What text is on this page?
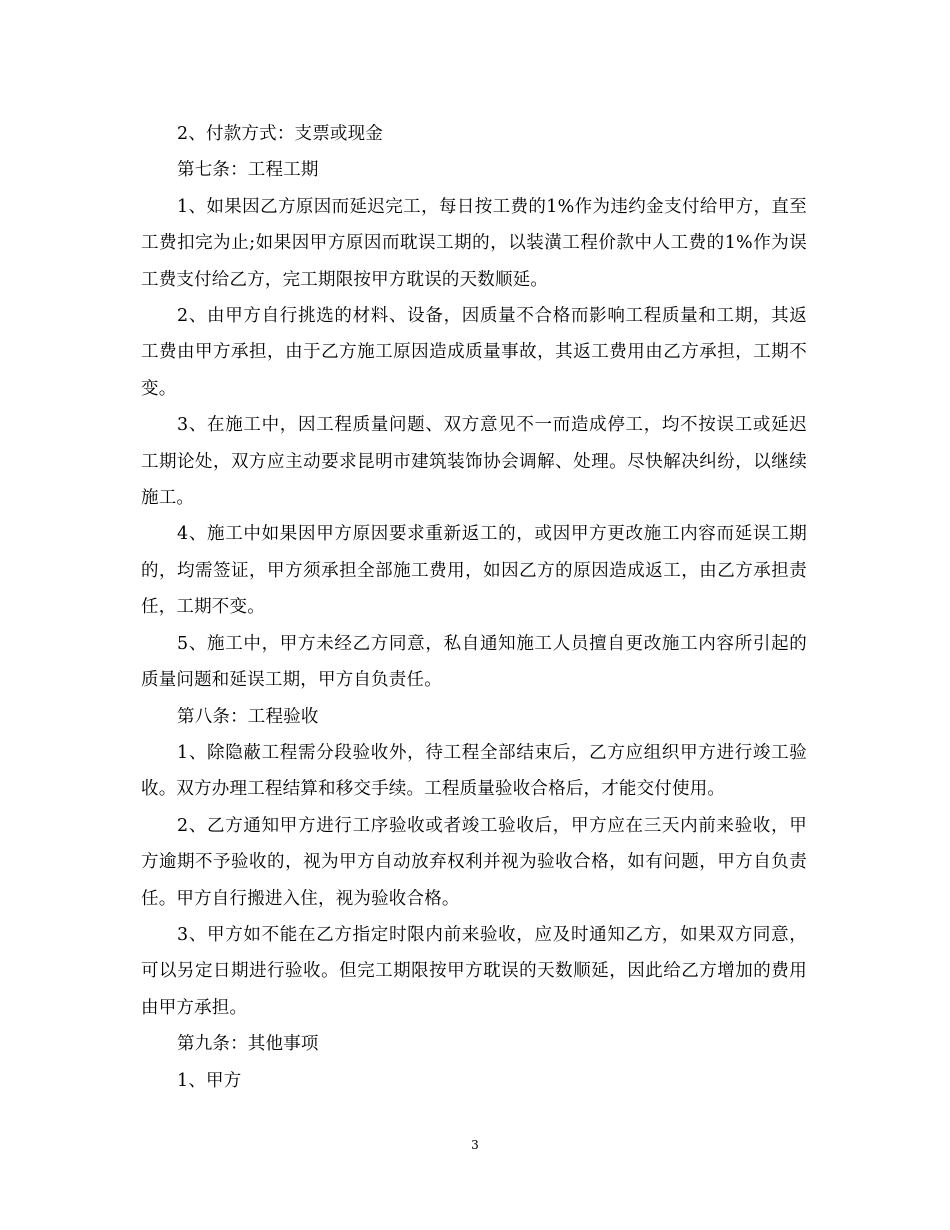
2、付款方式：支票或现金

第七条：工程工期

1、如果因乙方原因而延迟完工，每日按工费的1%作为违约金支付给甲方，直至工费扣完为止;如果因甲方原因而耽误工期的，以装潢工程价款中人工费的1%作为误工费支付给乙方，完工期限按甲方耽误的天数顺延。

2、由甲方自行挑选的材料、设备，因质量不合格而影响工程质量和工期，其返工费由甲方承担，由于乙方施工原因造成质量事故，其返工费用由乙方承担，工期不变。

3、在施工中，因工程质量问题、双方意见不一而造成停工，均不按误工或延迟工期论处，双方应主动要求昆明市建筑装饰协会调解、处理。尽快解决纠纷，以继续施工。

4、施工中如果因甲方原因要求重新返工的，或因甲方更改施工内容而延误工期的，均需签证，甲方须承担全部施工费用，如因乙方的原因造成返工，由乙方承担责任，工期不变。

5、施工中，甲方未经乙方同意，私自通知施工人员擅自更改施工内容所引起的质量问题和延误工期，甲方自负责任。

第八条：工程验收

1、除隐蔽工程需分段验收外，待工程全部结束后，乙方应组织甲方进行竣工验收。双方办理工程结算和移交手续。工程质量验收合格后，才能交付使用。

2、乙方通知甲方进行工序验收或者竣工验收后，甲方应在三天内前来验收，甲方逾期不予验收的，视为甲方自动放弃权利并视为验收合格，如有问题，甲方自负责任。甲方自行搬进入住，视为验收合格。

3、甲方如不能在乙方指定时限内前来验收，应及时通知乙方，如果双方同意，可以另定日期进行验收。但完工期限按甲方耽误的天数顺延，因此给乙方增加的费用由甲方承担。

第九条：其他事项

1、甲方

3
